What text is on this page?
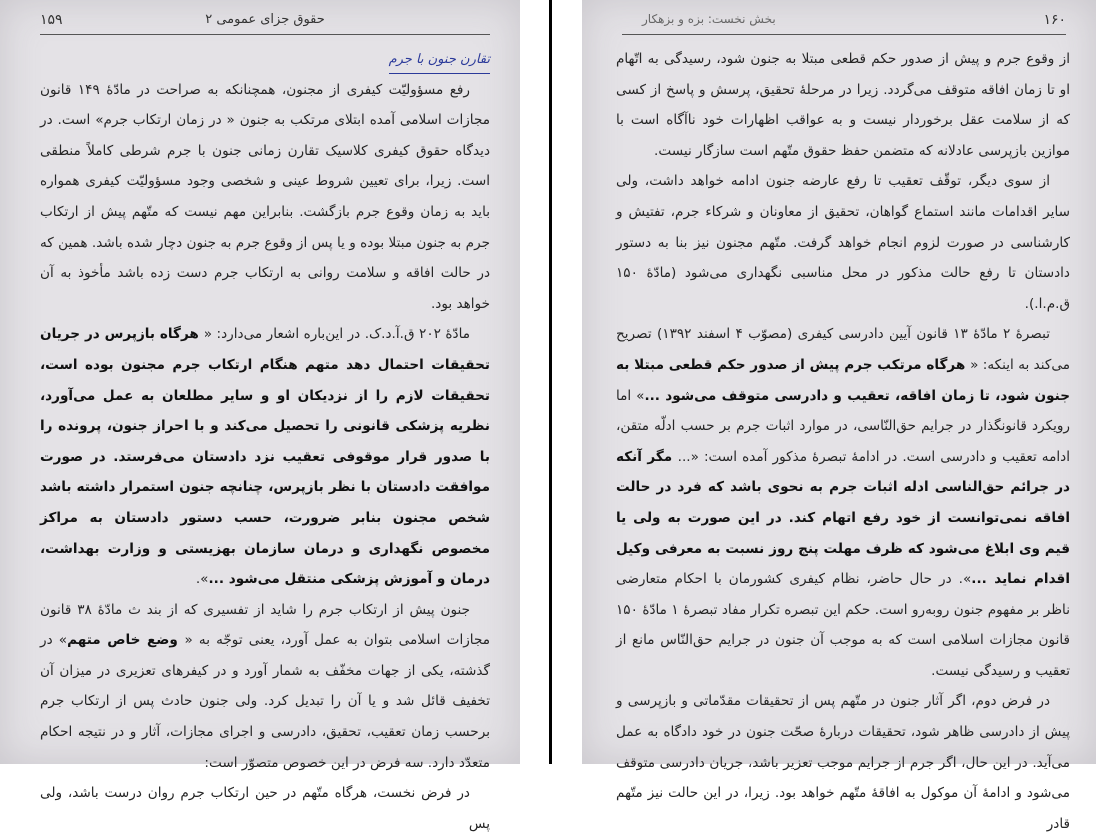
۱۵۹	حقوق جزای عمومی ۲
تقارن جنون با جرم

رفع مسؤولیّت کیفری از مجنون، همچنانکه به صراحت در مادّهٔ ۱۴۹ قانون مجازات اسلامی آمده ابتلای مرتکب به جنون « در زمان ارتکاب جرم» است. در دیدگاه حقوق کیفری کلاسیک تقارن زمانی جنون با جرم شرطی کاملاً منطقی است. زیرا، برای تعیین شروط عینی و شخصی وجود مسؤولیّت کیفری همواره باید به زمان وقوع جرم بازگشت. بنابراین مهم نیست که متّهم پیش از ارتکاب جرم به جنون مبتلا بوده و یا پس از وقوع جرم به جنون دچار شده باشد. همین که در حالت افاقه و سلامت روانی به ارتکاب جرم دست زده باشد مأخوذ به آن خواهد بود.

مادّهٔ ۲۰۲ ق.آ.د.ک. در این‌باره اشعار می‌دارد: « هرگاه بازپرس در جریان تحقیقات احتمال دهد متهم هنگام ارتکاب جرم مجنون بوده است، تحقیقات لازم را از نزدیکان او و سایر مطلعان به عمل می‌آورد، نظریه پزشکی قانونی را تحصیل می‌کند و با احراز جنون، پرونده را با صدور قرار موقوفی تعقیب نزد دادستان می‌فرستد. در صورت موافقت دادستان با نظر بازپرس، چنانچه جنون استمرار داشته باشد شخص مجنون بنابر ضرورت، حسب دستور دادستان به مراکز مخصوص نگهداری و درمان سازمان بهزیستی و وزارت بهداشت، درمان و آموزش پزشکی منتقل می‌شود ...».

جنون پیش از ارتکاب جرم را شاید از تفسیری که از بند ث مادّهٔ ۳۸ قانون مجازات اسلامی بتوان به عمل آورد، یعنی توجّه به « وضع خاص متهم» در گذشته، یکی از جهات مخفّف به شمار آورد و در کیفرهای تعزیری در میزان آن تخفیف قائل شد و یا آن را تبدیل کرد. ولی جنون حادث پس از ارتکاب جرم برحسب زمان تعقیب، تحقیق، دادرسی و اجرای مجازات، آثار و در نتیجه احکام متعدّد دارد. سه فرض در این خصوص متصوّر است:

در فرض نخست، هرگاه متّهم در حین ارتکاب جرم روان درست باشد، ولی پس

۱۶۰
بخش نخست: بزه و بزهکار

از وقوع جرم و پیش از صدور حکم قطعی مبتلا به جنون شود، رسیدگی به اتّهام او تا زمان افاقه متوقف می‌گردد. زیرا در مرحلهٔ تحقیق، پرسش و پاسخ از کسی که از سلامت عقل برخوردار نیست و به عواقب اظهارات خود ناآگاه است با موازین بازپرسی عادلانه که متضمن حفظ حقوق متّهم است سازگار نیست.

از سوی دیگر، توقّف تعقیب تا رفع عارضه جنون ادامه خواهد داشت، ولی سایر اقدامات مانند استماع گواهان، تحقیق از معاونان و شرکاء جرم، تفتیش و کارشناسی در صورت لزوم انجام خواهد گرفت. متّهم مجنون نیز بنا به دستور دادستان تا رفع حالت مذکور در محل مناسبی نگهداری می‌شود (مادّهٔ ۱۵۰ ق.م.ا.).

تبصرهٔ ۲ مادّهٔ ۱۳ قانون آیین دادرسی کیفری (مصوّب ۴ اسفند ۱۳۹۲) تصریح می‌کند به اینکه: « هرگاه مرتکب جرم پیش از صدور حکم قطعی مبتلا به جنون شود، تا زمان افاقه، تعقیب و دادرسی متوقف می‌شود ...» اما رویکرد قانونگذار در جرایم حق‌النّاسی، در موارد اثبات جرم بر حسب ادلّه متقن، ادامه تعقیب و دادرسی است. در ادامهٔ تبصرهٔ مذکور آمده است: «... مگر آنکه در جرائم حق‌الناسی ادله اثبات جرم به نحوی باشد که فرد در حالت افاقه نمی‌توانست از خود رفع اتهام کند. در این صورت به ولی یا قیم وی ابلاغ می‌شود که ظرف مهلت پنج روز نسبت به معرفی وکیل اقدام نماید ...». در حال حاضر، نظام کیفری کشورمان با احکام متعارضی ناظر بر مفهوم جنون روبه‌رو است. حکم این تبصره تکرار مفاد تبصرهٔ ۱ مادّهٔ ۱۵۰ قانون مجازات اسلامی است که به موجب آن جنون در جرایم حق‌النّاس مانع از تعقیب و رسیدگی نیست.

در فرض دوم، اگر آثار جنون در متّهم پس از تحقیقات مقدّماتی و بازپرسی و پیش از دادرسی ظاهر شود، تحقیقات دربارهٔ صحّت جنون در خود دادگاه به عمل می‌آید. در این حال، اگر جرم از جرایم موجب تعزیر باشد، جریان دادرسی متوقف می‌شود و ادامهٔ آن موکول به افاقهٔ متّهم خواهد بود. زیرا، در این حالت نیز متّهم قادر
